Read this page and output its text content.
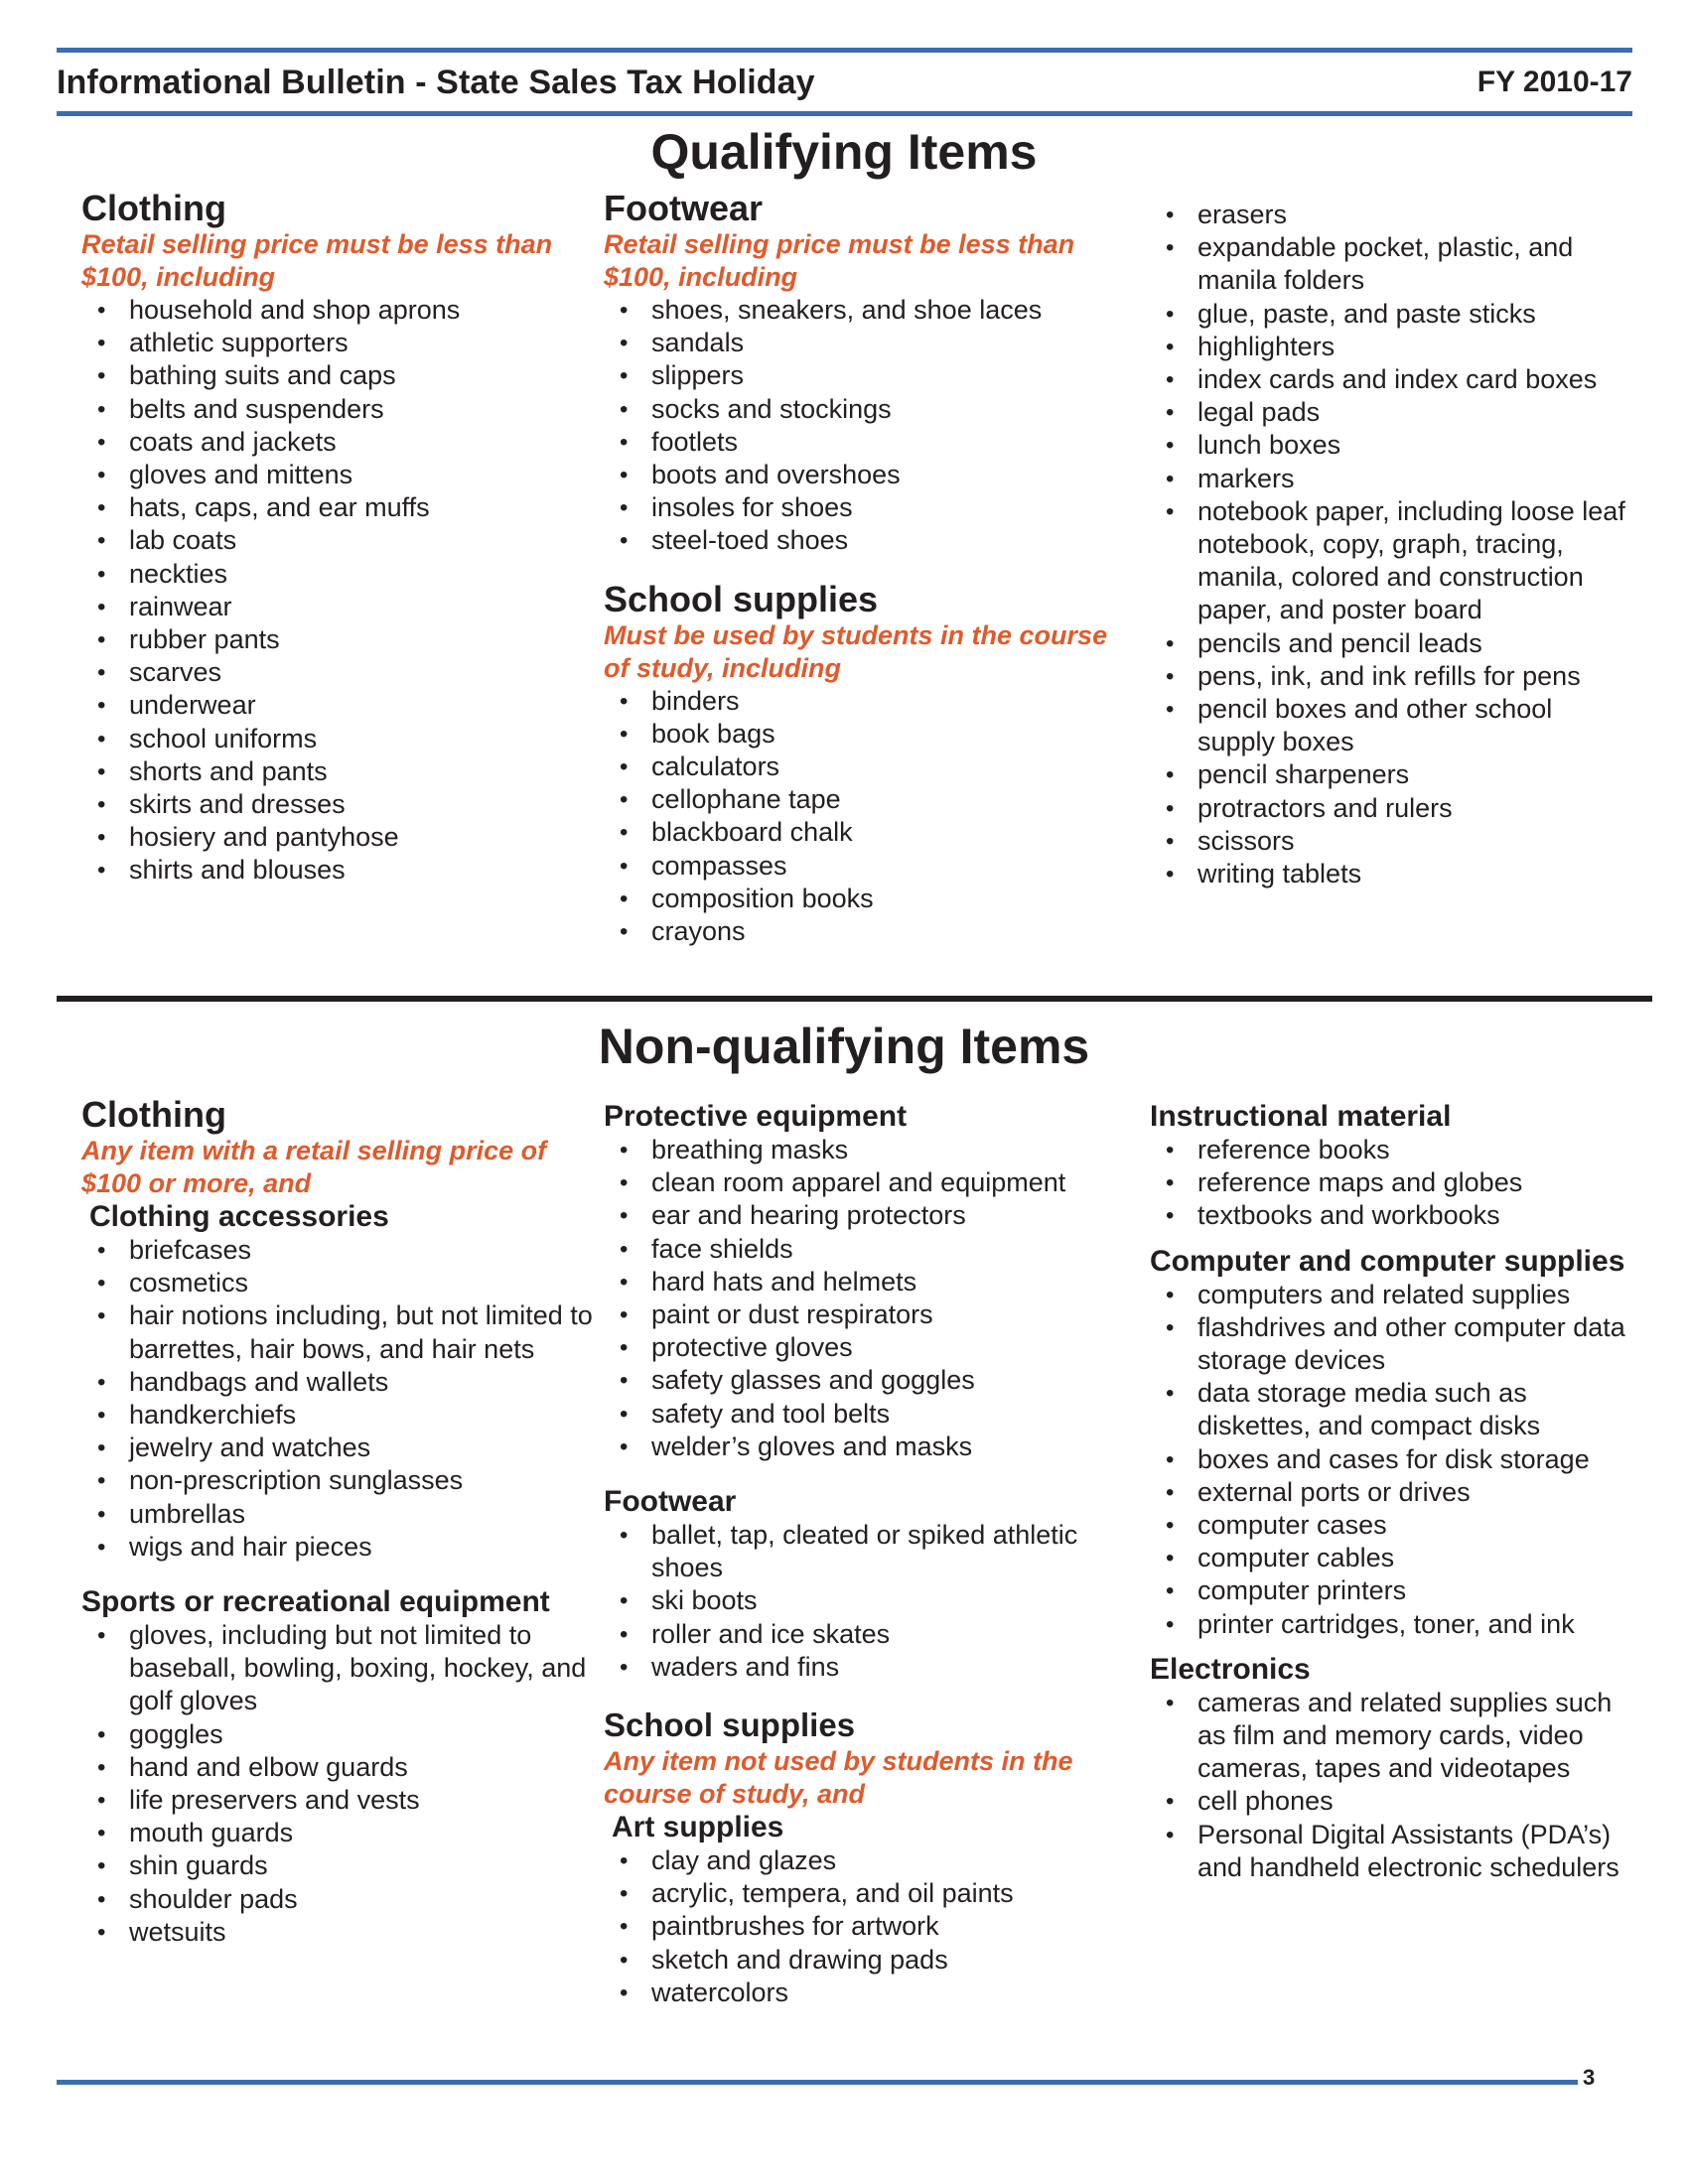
Informational Bulletin - State Sales Tax Holiday	FY 2010-17
Qualifying Items
Clothing
Retail selling price must be less than $100, including
• household and shop aprons
• athletic supporters
• bathing suits and caps
• belts and suspenders
• coats and jackets
• gloves and mittens
• hats, caps, and ear muffs
• lab coats
• neckties
• rainwear
• rubber pants
• scarves
• underwear
• school uniforms
• shorts and pants
• skirts and dresses
• hosiery and pantyhose
• shirts and blouses
Footwear
Retail selling price must be less than $100, including
• shoes, sneakers, and shoe laces
• sandals
• slippers
• socks and stockings
• footlets
• boots and overshoes
• insoles for shoes
• steel-toed shoes
School supplies
Must be used by students in the course of study, including
• binders
• book bags
• calculators
• cellophane tape
• blackboard chalk
• compasses
• composition books
• crayons
• erasers
• expandable pocket, plastic, and manila folders
• glue, paste, and paste sticks
• highlighters
• index cards and index card boxes
• legal pads
• lunch boxes
• markers
• notebook paper, including loose leaf notebook, copy, graph, tracing, manila, colored and construction paper, and poster board
• pencils and pencil leads
• pens, ink, and ink refills for pens
• pencil boxes and other school supply boxes
• pencil sharpeners
• protractors and rulers
• scissors
• writing tablets
Non-qualifying Items
Clothing
Any item with a retail selling price of $100 or more, and
Clothing accessories
• briefcases
• cosmetics
• hair notions including, but not limited to barrettes, hair bows, and hair nets
• handbags and wallets
• handkerchiefs
• jewelry and watches
• non-prescription sunglasses
• umbrellas
• wigs and hair pieces
Sports or recreational equipment
• gloves, including but not limited to baseball, bowling, boxing, hockey, and golf gloves
• goggles
• hand and elbow guards
• life preservers and vests
• mouth guards
• shin guards
• shoulder pads
• wetsuits
Protective equipment
• breathing masks
• clean room apparel and equipment
• ear and hearing protectors
• face shields
• hard hats and helmets
• paint or dust respirators
• protective gloves
• safety glasses and goggles
• safety and tool belts
• welder’s gloves and masks
Footwear
• ballet, tap, cleated or spiked athletic shoes
• ski boots
• roller and ice skates
• waders and fins
School supplies
Any item not used by students in the course of study, and
Art supplies
• clay and glazes
• acrylic, tempera, and oil paints
• paintbrushes for artwork
• sketch and drawing pads
• watercolors
Instructional material
• reference books
• reference maps and globes
• textbooks and workbooks
Computer and computer supplies
• computers and related supplies
• flashdrives and other computer data storage devices
• data storage media such as diskettes, and compact disks
• boxes and cases for disk storage
• external ports or drives
• computer cases
• computer cables
• computer printers
• printer cartridges, toner, and ink
Electronics
• cameras and related supplies such as film and memory cards, video cameras, tapes and videotapes
• cell phones
• Personal Digital Assistants (PDA’s) and handheld electronic schedulers
3
